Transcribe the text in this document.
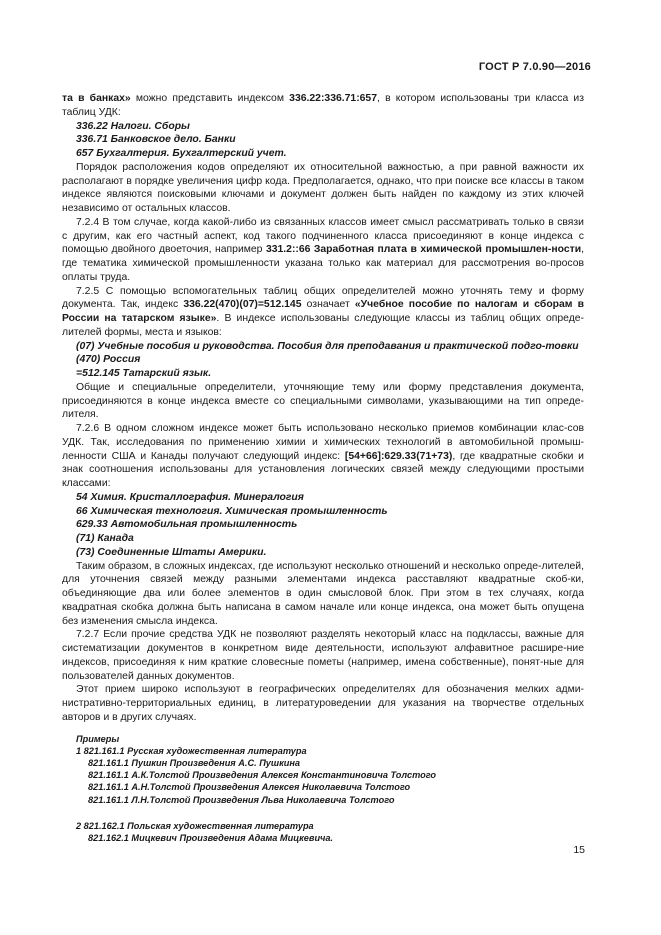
ГОСТ Р 7.0.90—2016
та в банках» можно представить индексом 336.22:336.71:657, в котором использованы три класса из таблиц УДК:
336.22 Налоги. Сборы
336.71 Банковское дело. Банки
657 Бухгалтерия. Бухгалтерский учет.
Порядок расположения кодов определяют их относительной важностью, а при равной важности их располагают в порядке увеличения цифр кода. Предполагается, однако, что при поиске все классы в таком индексе являются поисковыми ключами и документ должен быть найден по каждому из этих ключей независимо от остальных классов.
7.2.4 В том случае, когда какой-либо из связанных классов имеет смысл рассматривать только в связи с другим, как его частный аспект, код такого подчиненного класса присоединяют в конце индекса с помощью двойного двоеточия, например 331.2::66 Заработная плата в химической промышлен-ности, где тематика химической промышленности указана только как материал для рассмотрения во-просов оплаты труда.
7.2.5 С помощью вспомогательных таблиц общих определителей можно уточнять тему и форму документа. Так, индекс 336.22(470)(07)=512.145 означает «Учебное пособие по налогам и сборам в России на татарском языке». В индексе использованы следующие классы из таблиц общих опреде-лителей формы, места и языков:
(07) Учебные пособия и руководства. Пособия для преподавания и практической подго-товки
(470) Россия
=512.145 Татарский язык.
Общие и специальные определители, уточняющие тему или форму представления документа, присоединяются в конце индекса вместе со специальными символами, указывающими на тип опреде-лителя.
7.2.6 В одном сложном индексе может быть использовано несколько приемов комбинации клас-сов УДК. Так, исследования по применению химии и химических технологий в автомобильной промыш-ленности США и Канады получают следующий индекс: [54+66]:629.33(71+73), где квадратные скобки и знак соотношения использованы для установления логических связей между следующими простыми классами:
54 Химия. Кристаллография. Минералогия
66 Химическая технология. Химическая промышленность
629.33 Автомобильная промышленность
(71) Канада
(73) Соединенные Штаты Америки.
Таким образом, в сложных индексах, где используют несколько отношений и несколько опреде-лителей, для уточнения связей между разными элементами индекса расставляют квадратные скоб-ки, объединяющие два или более элементов в один смысловой блок. При этом в тех случаях, когда квадратная скобка должна быть написана в самом начале или конце индекса, она может быть опущена без изменения смысла индекса.
7.2.7 Если прочие средства УДК не позволяют разделять некоторый класс на подклассы, важные для систематизации документов в конкретном виде деятельности, используют алфавитное расшире-ние индексов, присоединяя к ним краткие словесные пометы (например, имена собственные), понят-ные для пользователей данных документов.
Этот прием широко используют в географических определителях для обозначения мелких адми-нистративно-территориальных единиц, в литературоведении для указания на творчестве отдельных авторов и в других случаях.
Примеры
1 821.161.1 Русская художественная литература
821.161.1 Пушкин Произведения А.С. Пушкина
821.161.1 А.К.Толстой Произведения Алексея Константиновича Толстого
821.161.1 А.Н.Толстой Произведения Алексея Николаевича Толстого
821.161.1 Л.Н.Толстой Произведения Льва Николаевича Толстого
2 821.162.1 Польская художественная литература
821.162.1 Мицкевич Произведения Адама Мицкевича.
15
